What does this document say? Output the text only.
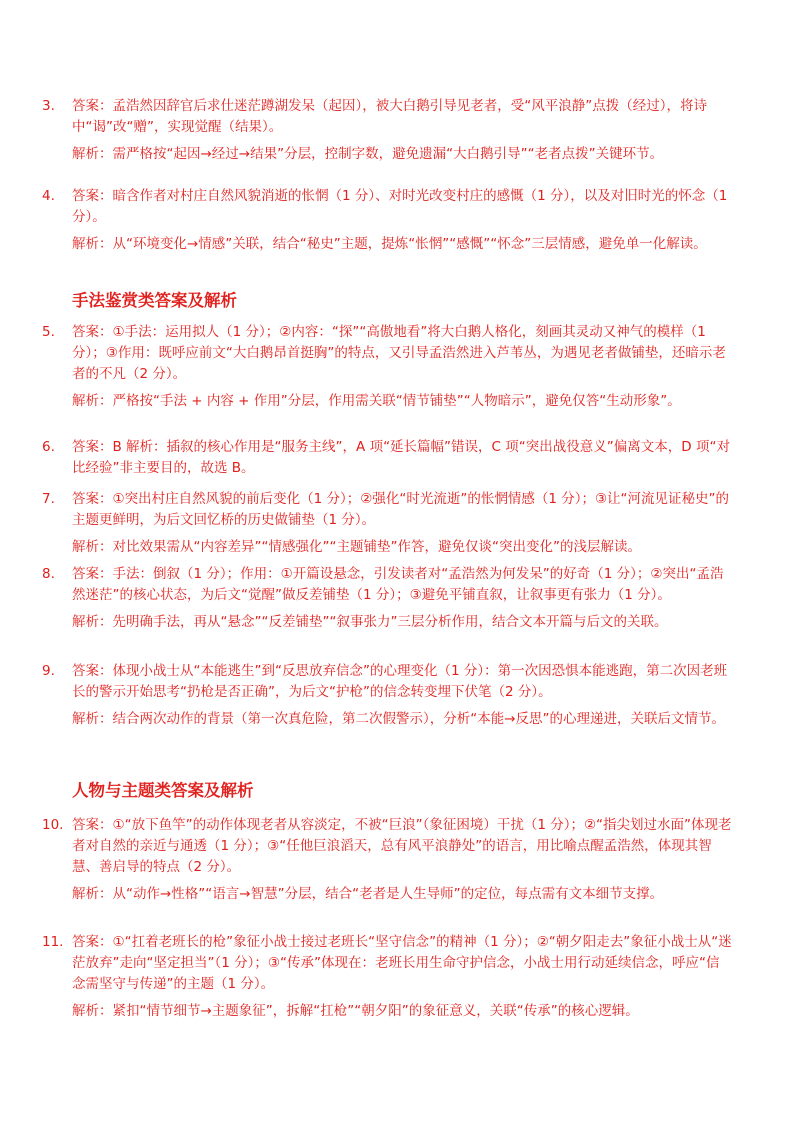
3. 答案：孟浩然因辞官后求仕迷茫蹲湖发呆（起因），被大白鹅引导见老者，受“风平浪静”点拨（经过），将诗中“谒”改“赠”，实现觉醒（结果）。
解析：需严格按“起因→经过→结果”分层，控制字数，避免遗漏“大白鹅引导”“老者点拨”关键环节。
4. 答案：暗含作者对村庄自然风貌消逝的怅惘（1 分）、对时光改变村庄的感慨（1 分），以及对旧时光的怀念（1 分）。
解析：从“环境变化→情感”关联，结合“秘史”主题，提炼“怅惘”“感慨”“怀念”三层情感，避免单一化解读。
手法鉴赏类答案及解析
5. 答案：①手法：运用拟人（1 分）；②内容：“探”“高傲地看”将大白鹅人格化，刻画其灵动又神气的模样（1 分）；③作用：既呼应前文“大白鹅昂首挺胸”的特点，又引导孟浩然进入芦苇丛，为遇见老者做铺垫，还暗示老者的不凡（2 分）。
解析：严格按“手法 + 内容 + 作用”分层，作用需关联“情节铺垫”“人物暗示”，避免仅答“生动形象”。
6. 答案：B 解析：插叙的核心作用是“服务主线”，A 项“延长篇幅”错误，C 项“突出战役意义”偏离文本，D 项“对比经验”非主要目的，故选 B。
7. 答案：①突出村庄自然风貌的前后变化（1 分）；②强化“时光流逝”的怅惘情感（1 分）；③让“河流见证秘史”的主题更鲜明，为后文回忆桥的历史做铺垫（1 分）。
解析：对比效果需从“内容差异”“情感强化”“主题铺垫”作答，避免仅谈“突出变化”的浅层解读。
8. 答案：手法：倒叙（1 分）；作用：①开篇设悬念，引发读者对“孟浩然为何发呆”的好奇（1 分）；②突出“孟浩然迷茫”的核心状态，为后文“觉醒”做反差铺垫（1 分）；③避免平铺直叙，让叙事更有张力（1 分）。
解析：先明确手法，再从“悬念”“反差铺垫”“叙事张力”三层分析作用，结合文本开篇与后文的关联。
9. 答案：体现小战士从“本能逃生”到“反思放弃信念”的心理变化（1 分）：第一次因恐惧本能逃跑，第二次因老班长的警示开始思考“扔枪是否正确”，为后文“护枪”的信念转变埋下伏笔（2 分）。
解析：结合两次动作的背景（第一次真危险，第二次假警示），分析“本能→反思”的心理递进，关联后文情节。
人物与主题类答案及解析
10. 答案：①“放下鱼竿”的动作体现老者从容淡定，不被“巨浪”（象征困境）干扰（1 分）；②“指尖划过水面”体现老者对自然的亲近与通透（1 分）；③“任他巨浪滔天，总有风平浪静处”的语言，用比喻点醒孟浩然，体现其智慧、善启导的特点（2 分）。
解析：从“动作→性格”“语言→智慧”分层，结合“老者是人生导师”的定位，每点需有文本细节支撑。
11. 答案：①“扛着老班长的枪”象征小战士接过老班长“坚守信念”的精神（1 分）；②“朝夕阳走去”象征小战士从“迷茫放弃”走向“坚定担当”（1 分）；③“传承”体现在：老班长用生命守护信念，小战士用行动延续信念，呼应“信念需坚守与传递”的主题（1 分）。
解析：紧扣“情节细节→主题象征”，拆解“扛枪”“朝夕阳”的象征意义，关联“传承”的核心逻辑。
